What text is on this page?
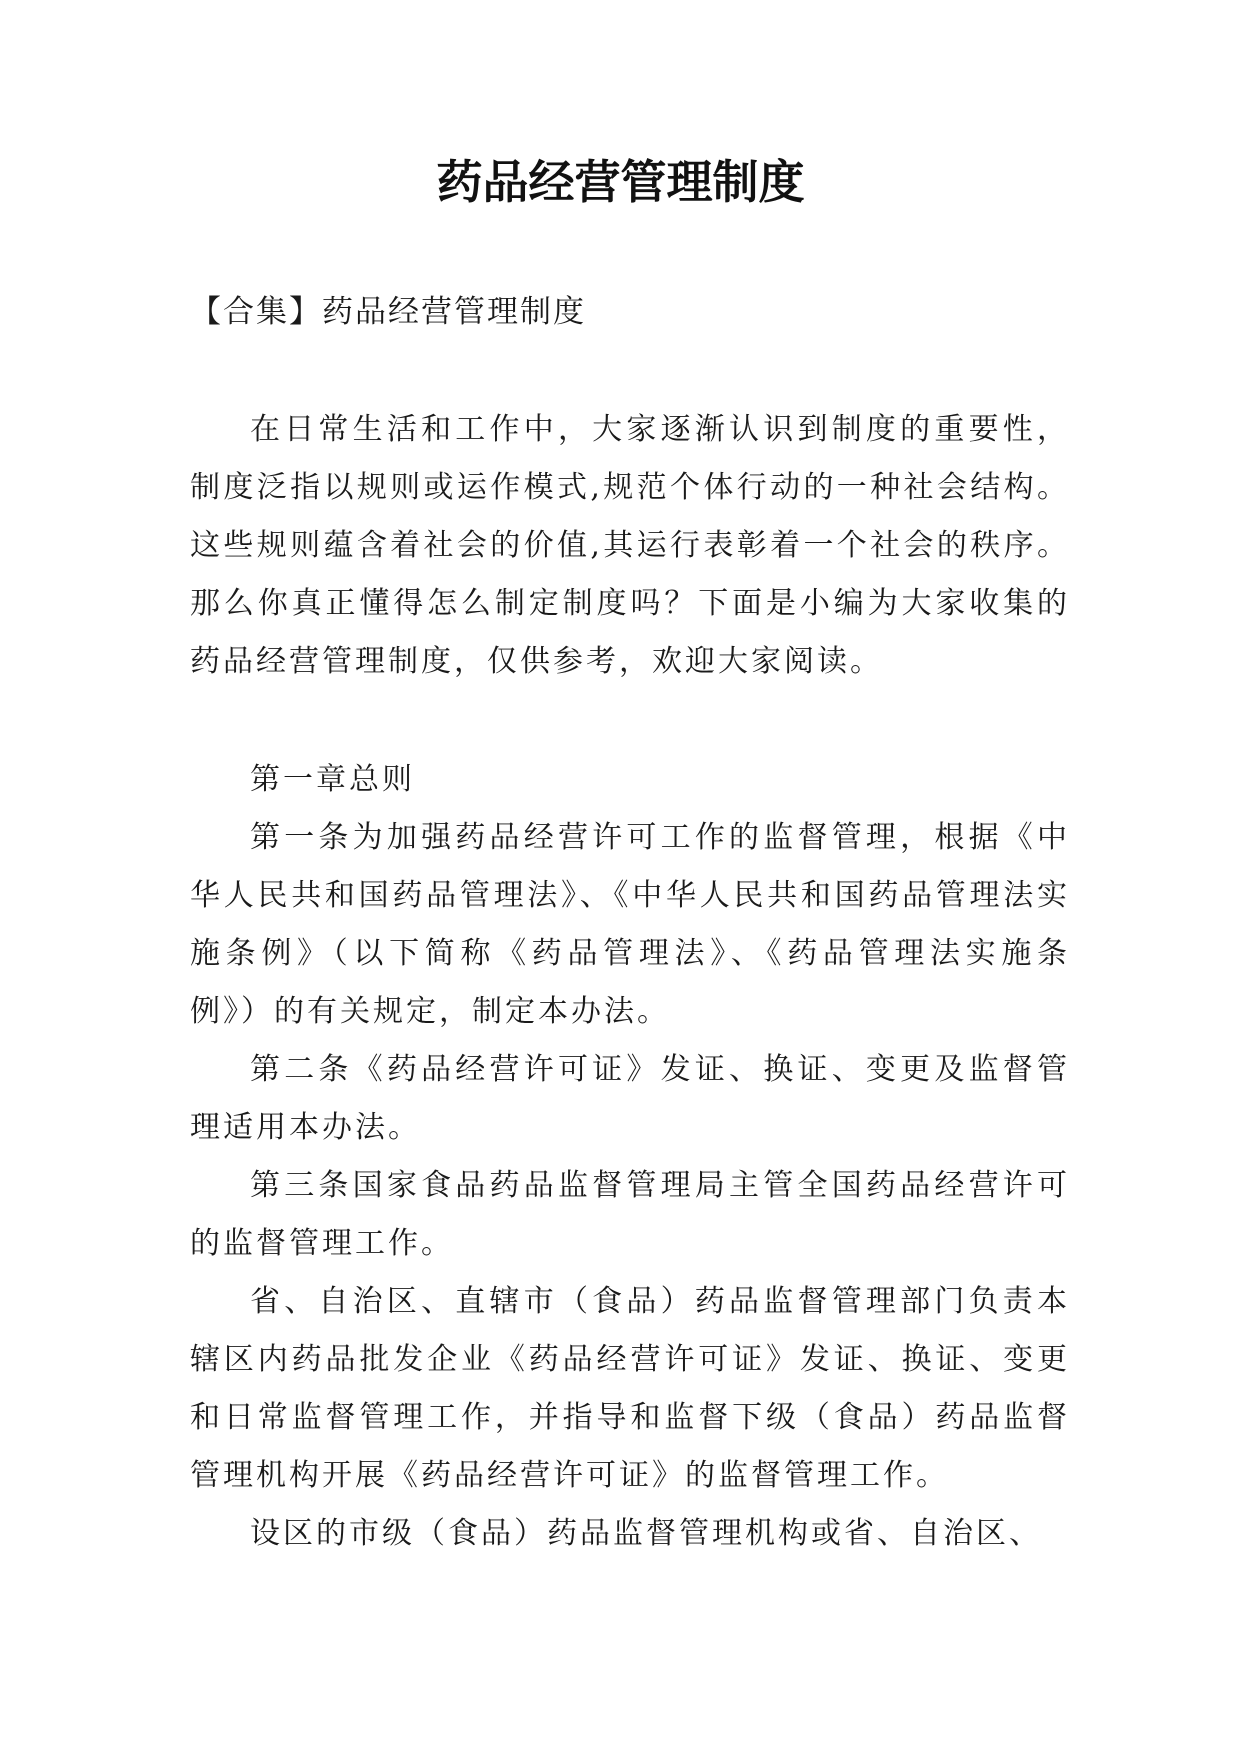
药品经营管理制度
【合集】药品经营管理制度

在日常生活和工作中，大家逐渐认识到制度的重要性，制度泛指以规则或运作模式,规范个体行动的一种社会结构。这些规则蕴含着社会的价值,其运行表彰着一个社会的秩序。那么你真正懂得怎么制定制度吗？下面是小编为大家收集的药品经营管理制度，仅供参考，欢迎大家阅读。

第一章总则

第一条为加强药品经营许可工作的监督管理，根据《中华人民共和国药品管理法》、《中华人民共和国药品管理法实施条例》（以下简称《药品管理法》、《药品管理法实施条例》）的有关规定，制定本办法。

第二条《药品经营许可证》发证、换证、变更及监督管理适用本办法。

第三条国家食品药品监督管理局主管全国药品经营许可的监督管理工作。

省、自治区、直辖市（食品）药品监督管理部门负责本辖区内药品批发企业《药品经营许可证》发证、换证、变更和日常监督管理工作，并指导和监督下级（食品）药品监督管理机构开展《药品经营许可证》的监督管理工作。

设区的市级（食品）药品监督管理机构或省、自治区、
